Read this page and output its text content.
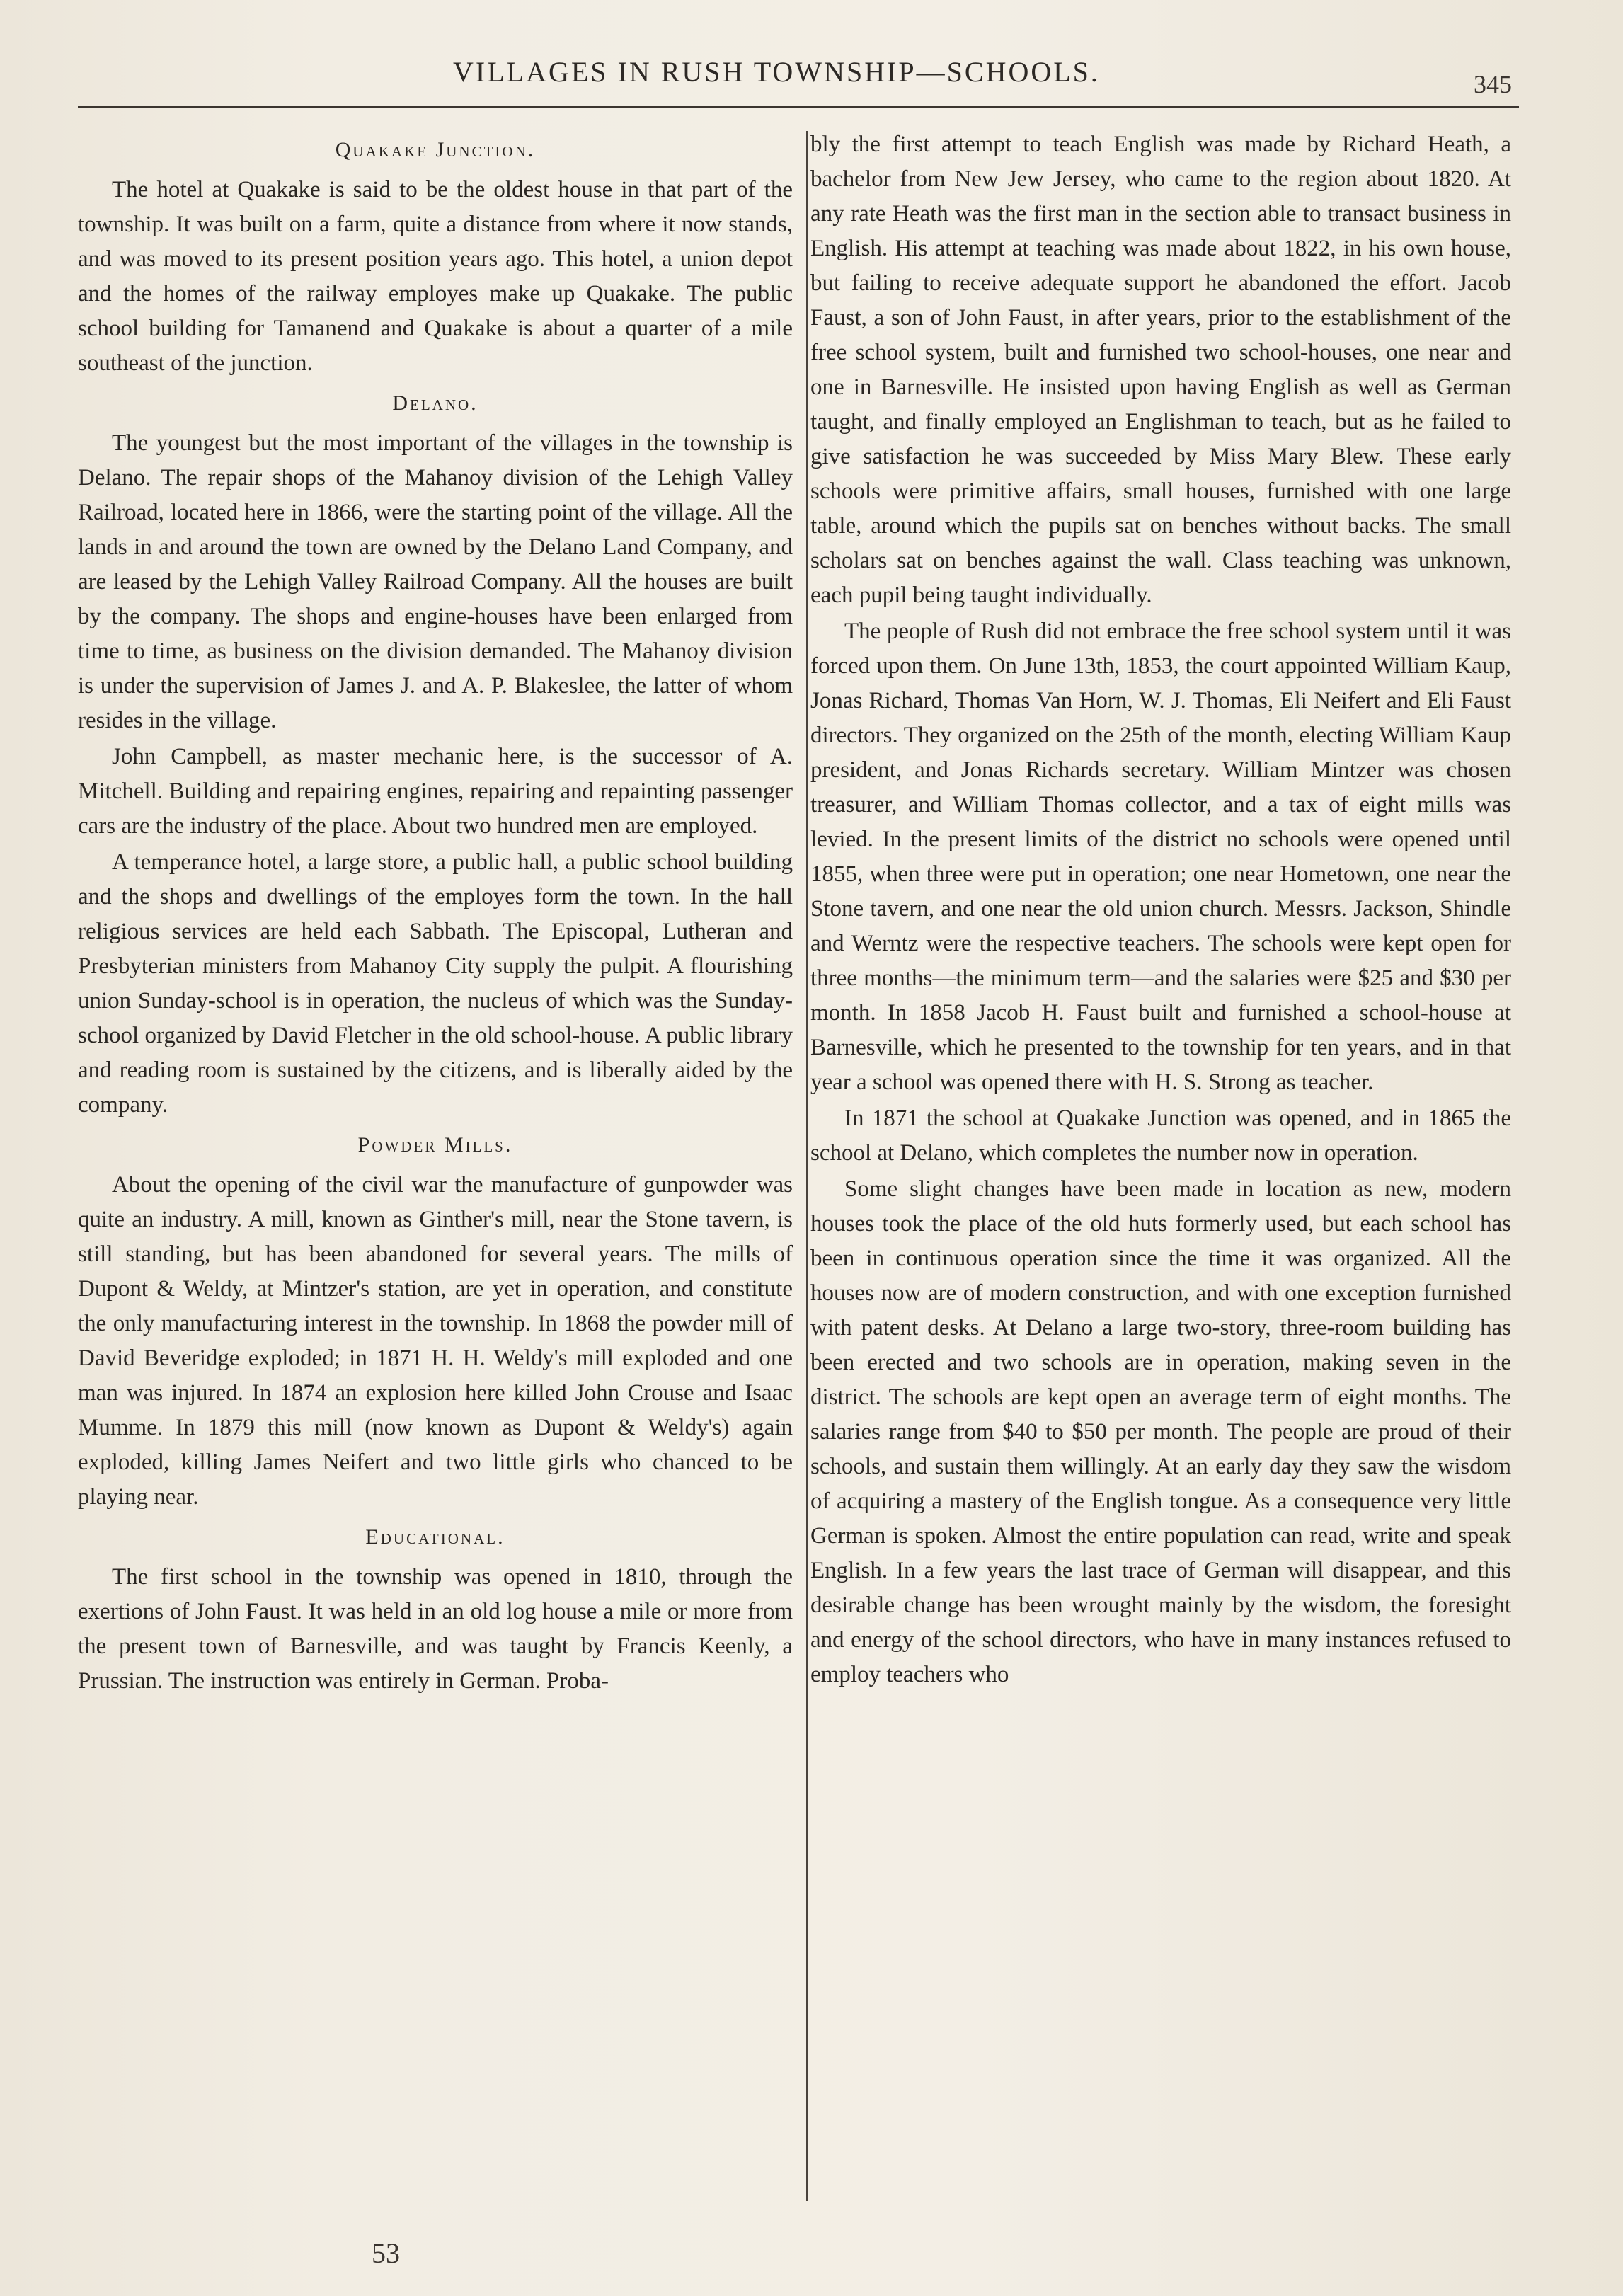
VILLAGES IN RUSH TOWNSHIP—SCHOOLS.	345
Quakake Junction.

The hotel at Quakake is said to be the oldest house in that part of the township. It was built on a farm, quite a distance from where it now stands, and was moved to its present position years ago. This hotel, a union depot and the homes of the railway employes make up Quakake. The public school building for Tamanend and Quakake is about a quarter of a mile southeast of the junction.

Delano.

The youngest but the most important of the villages in the township is Delano. The repair shops of the Mahanoy division of the Lehigh Valley Railroad, located here in 1866, were the starting point of the village. All the lands in and around the town are owned by the Delano Land Company, and are leased by the Lehigh Valley Railroad Company. All the houses are built by the company. The shops and engine-houses have been enlarged from time to time, as business on the division demanded. The Mahanoy division is under the supervision of James J. and A. P. Blakeslee, the latter of whom resides in the village.

John Campbell, as master mechanic here, is the successor of A. Mitchell. Building and repairing engines, repairing and repainting passenger cars are the industry of the place. About two hundred men are employed.

A temperance hotel, a large store, a public hall, a public school building and the shops and dwellings of the employes form the town. In the hall religious services are held each Sabbath. The Episcopal, Lutheran and Presbyterian ministers from Mahanoy City supply the pulpit. A flourishing union Sunday-school is in operation, the nucleus of which was the Sunday-school organized by David Fletcher in the old school-house. A public library and reading room is sustained by the citizens, and is liberally aided by the company.

Powder Mills.

About the opening of the civil war the manufacture of gunpowder was quite an industry. A mill, known as Ginther's mill, near the Stone tavern, is still standing, but has been abandoned for several years. The mills of Dupont & Weldy, at Mintzer's station, are yet in operation, and constitute the only manufacturing interest in the township. In 1868 the powder mill of David Beveridge exploded; in 1871 H. H. Weldy's mill exploded and one man was injured. In 1874 an explosion here killed John Crouse and Isaac Mumme. In 1879 this mill (now known as Dupont & Weldy's) again exploded, killing James Neifert and two little girls who chanced to be playing near.

Educational.

The first school in the township was opened in 1810, through the exertions of John Faust. It was held in an old log house a mile or more from the present town of Barnesville, and was taught by Francis Keenly, a Prussian. The instruction was entirely in German. Proba-

bly the first attempt to teach English was made by Richard Heath, a bachelor from New Jew Jersey, who came to the region about 1820. At any rate Heath was the first man in the section able to transact business in English. His attempt at teaching was made about 1822, in his own house, but failing to receive adequate support he abandoned the effort. Jacob Faust, a son of John Faust, in after years, prior to the establishment of the free school system, built and furnished two school-houses, one near and one in Barnesville. He insisted upon having English as well as German taught, and finally employed an Englishman to teach, but as he failed to give satisfaction he was succeeded by Miss Mary Blew. These early schools were primitive affairs, small houses, furnished with one large table, around which the pupils sat on benches without backs. The small scholars sat on benches against the wall. Class teaching was unknown, each pupil being taught individually.

The people of Rush did not embrace the free school system until it was forced upon them. On June 13th, 1853, the court appointed William Kaup, Jonas Richard, Thomas Van Horn, W. J. Thomas, Eli Neifert and Eli Faust directors. They organized on the 25th of the month, electing William Kaup president, and Jonas Richards secretary. William Mintzer was chosen treasurer, and William Thomas collector, and a tax of eight mills was levied. In the present limits of the district no schools were opened until 1855, when three were put in operation; one near Hometown, one near the Stone tavern, and one near the old union church. Messrs. Jackson, Shindle and Werntz were the respective teachers. The schools were kept open for three months—the minimum term—and the salaries were $25 and $30 per month. In 1858 Jacob H. Faust built and furnished a school-house at Barnesville, which he presented to the township for ten years, and in that year a school was opened there with H. S. Strong as teacher.

In 1871 the school at Quakake Junction was opened, and in 1865 the school at Delano, which completes the number now in operation.

Some slight changes have been made in location as new, modern houses took the place of the old huts formerly used, but each school has been in continuous operation since the time it was organized. All the houses now are of modern construction, and with one exception furnished with patent desks. At Delano a large two-story, three-room building has been erected and two schools are in operation, making seven in the district. The schools are kept open an average term of eight months. The salaries range from $40 to $50 per month. The people are proud of their schools, and sustain them willingly. At an early day they saw the wisdom of acquiring a mastery of the English tongue. As a consequence very little German is spoken. Almost the entire population can read, write and speak English. In a few years the last trace of German will disappear, and this desirable change has been wrought mainly by the wisdom, the foresight and energy of the school directors, who have in many instances refused to employ teachers who

53
